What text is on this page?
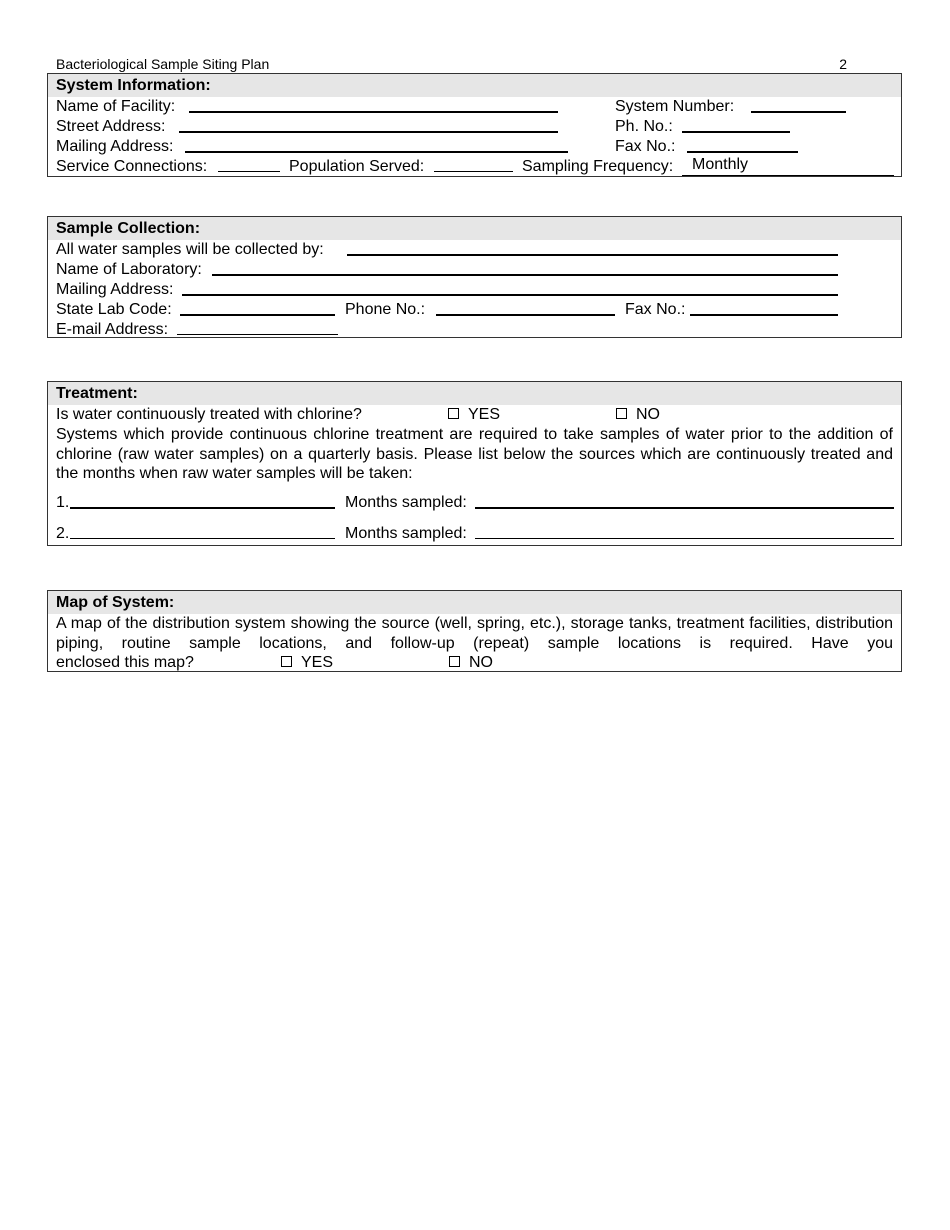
Bacteriological Sample Siting Plan	2
System Information:
Name of Facility:	System Number:
Street Address:	Ph. No.:
Mailing Address:	Fax No.:
Service Connections:	Population Served:	Sampling Frequency: Monthly
Sample Collection:
All water samples will be collected by:
Name of Laboratory:
Mailing Address:
State Lab Code:	Phone No.:	Fax No.:
E-mail Address:
Treatment:
Is water continuously treated with chlorine?	YES	NO
Systems which provide continuous chlorine treatment are required to take samples of water prior to the addition of chlorine (raw water samples) on a quarterly basis. Please list below the sources which are continuously treated and the months when raw water samples will be taken:
1.	Months sampled:
2.	Months sampled:
Map of System:
A map of the distribution system showing the source (well, spring, etc.), storage tanks, treatment facilities, distribution piping, routine sample locations, and follow-up (repeat) sample locations is required. Have you
enclosed this map?	YES	NO
